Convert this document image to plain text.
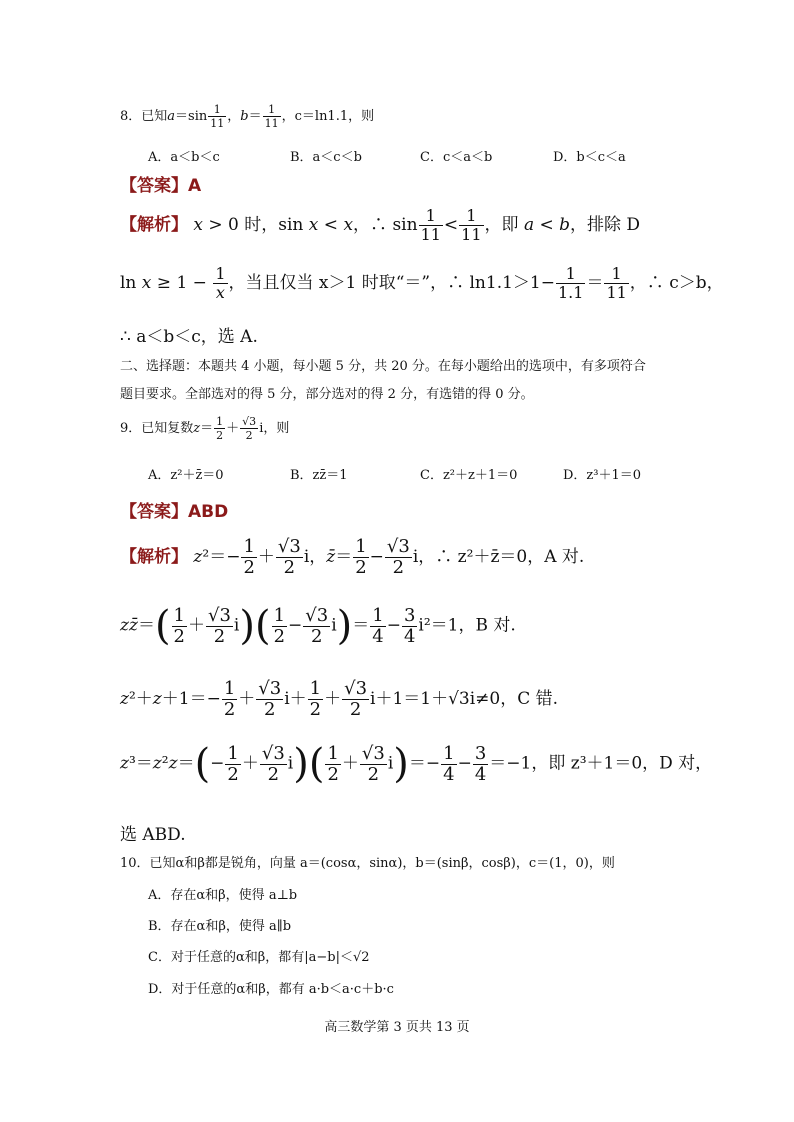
8．已知$a=\sin \frac{1}{11}$ ，$b= \frac{1}{11}$ ，c＝ln1.1，则
A．a＜b＜c	B．a＜c＜b	C．c＜a＜b	D．b＜c＜a
【答案】A
【解析】 x > 0 时，sin x < x，∴ $\sin \frac{1}{11} < \frac{1}{11}$ ，即 a < b，排除 D
$\ln x \ge 1 - \frac{1}{x}$ ，当且仅当 x＞1 时取“＝”，∴ $\ln 1.1>1- \frac{1}{1.1} = \frac{1}{11}$ ，∴ c＞b，
∴ a＜b＜c，选 A.
二、选择题：本题共 4 小题，每小题 5 分，共 20 分。在每小题给出的选项中，有多项符合
题目要求。全部选对的得 5 分，部分选对的得 2 分，有选错的得 0 分。
9．已知复数$z= \frac{1}{2} + \frac{√3}{2}$ i，则
A．z²＋z̄＝0	B．zz̄＝1	C．z²＋z＋1＝0	D．z³＋1＝0
【答案】ABD
【解析】 $z^2=- \frac{1}{2} + \frac{√3}{2}$ i，z̄＝ $\frac{1}{2} - \frac{√3}{2}$ i，∴ z²＋z̄＝0，A 对.
zz̄＝( $\frac{1}{2} + \frac{√3}{2} i)( \frac{1}{2} - \frac{√3}{2} i)= \frac{1}{4} - \frac{3}{4} i^2=1$，B 对.
$z^2+z+1=- \frac{1}{2} + \frac{√3}{2} i+ \frac{1}{2} + \frac{√3}{2} i+1=1+√3i\ne 0$，C 错.
$z^3=z^2z=(- \frac{1}{2} + \frac{√3}{2} i)( \frac{1}{2} + \frac{√3}{2} i)=- \frac{1}{4} - \frac{3}{4} =-1$，即 z³＋1＝0，D 对，
选 ABD.
10．已知α和β都是锐角，向量 a＝(cosα，sinα)，b＝(sinβ，cosβ)，c＝(1，0)，则
A．存在α和β，使得 a⊥b
B．存在α和β，使得 a∥b
C．对于任意的α和β，都有|a−b|＜√2
D．对于任意的α和β，都有 a·b＜a·c＋b·c
高三数学第 3 页共 13 页
